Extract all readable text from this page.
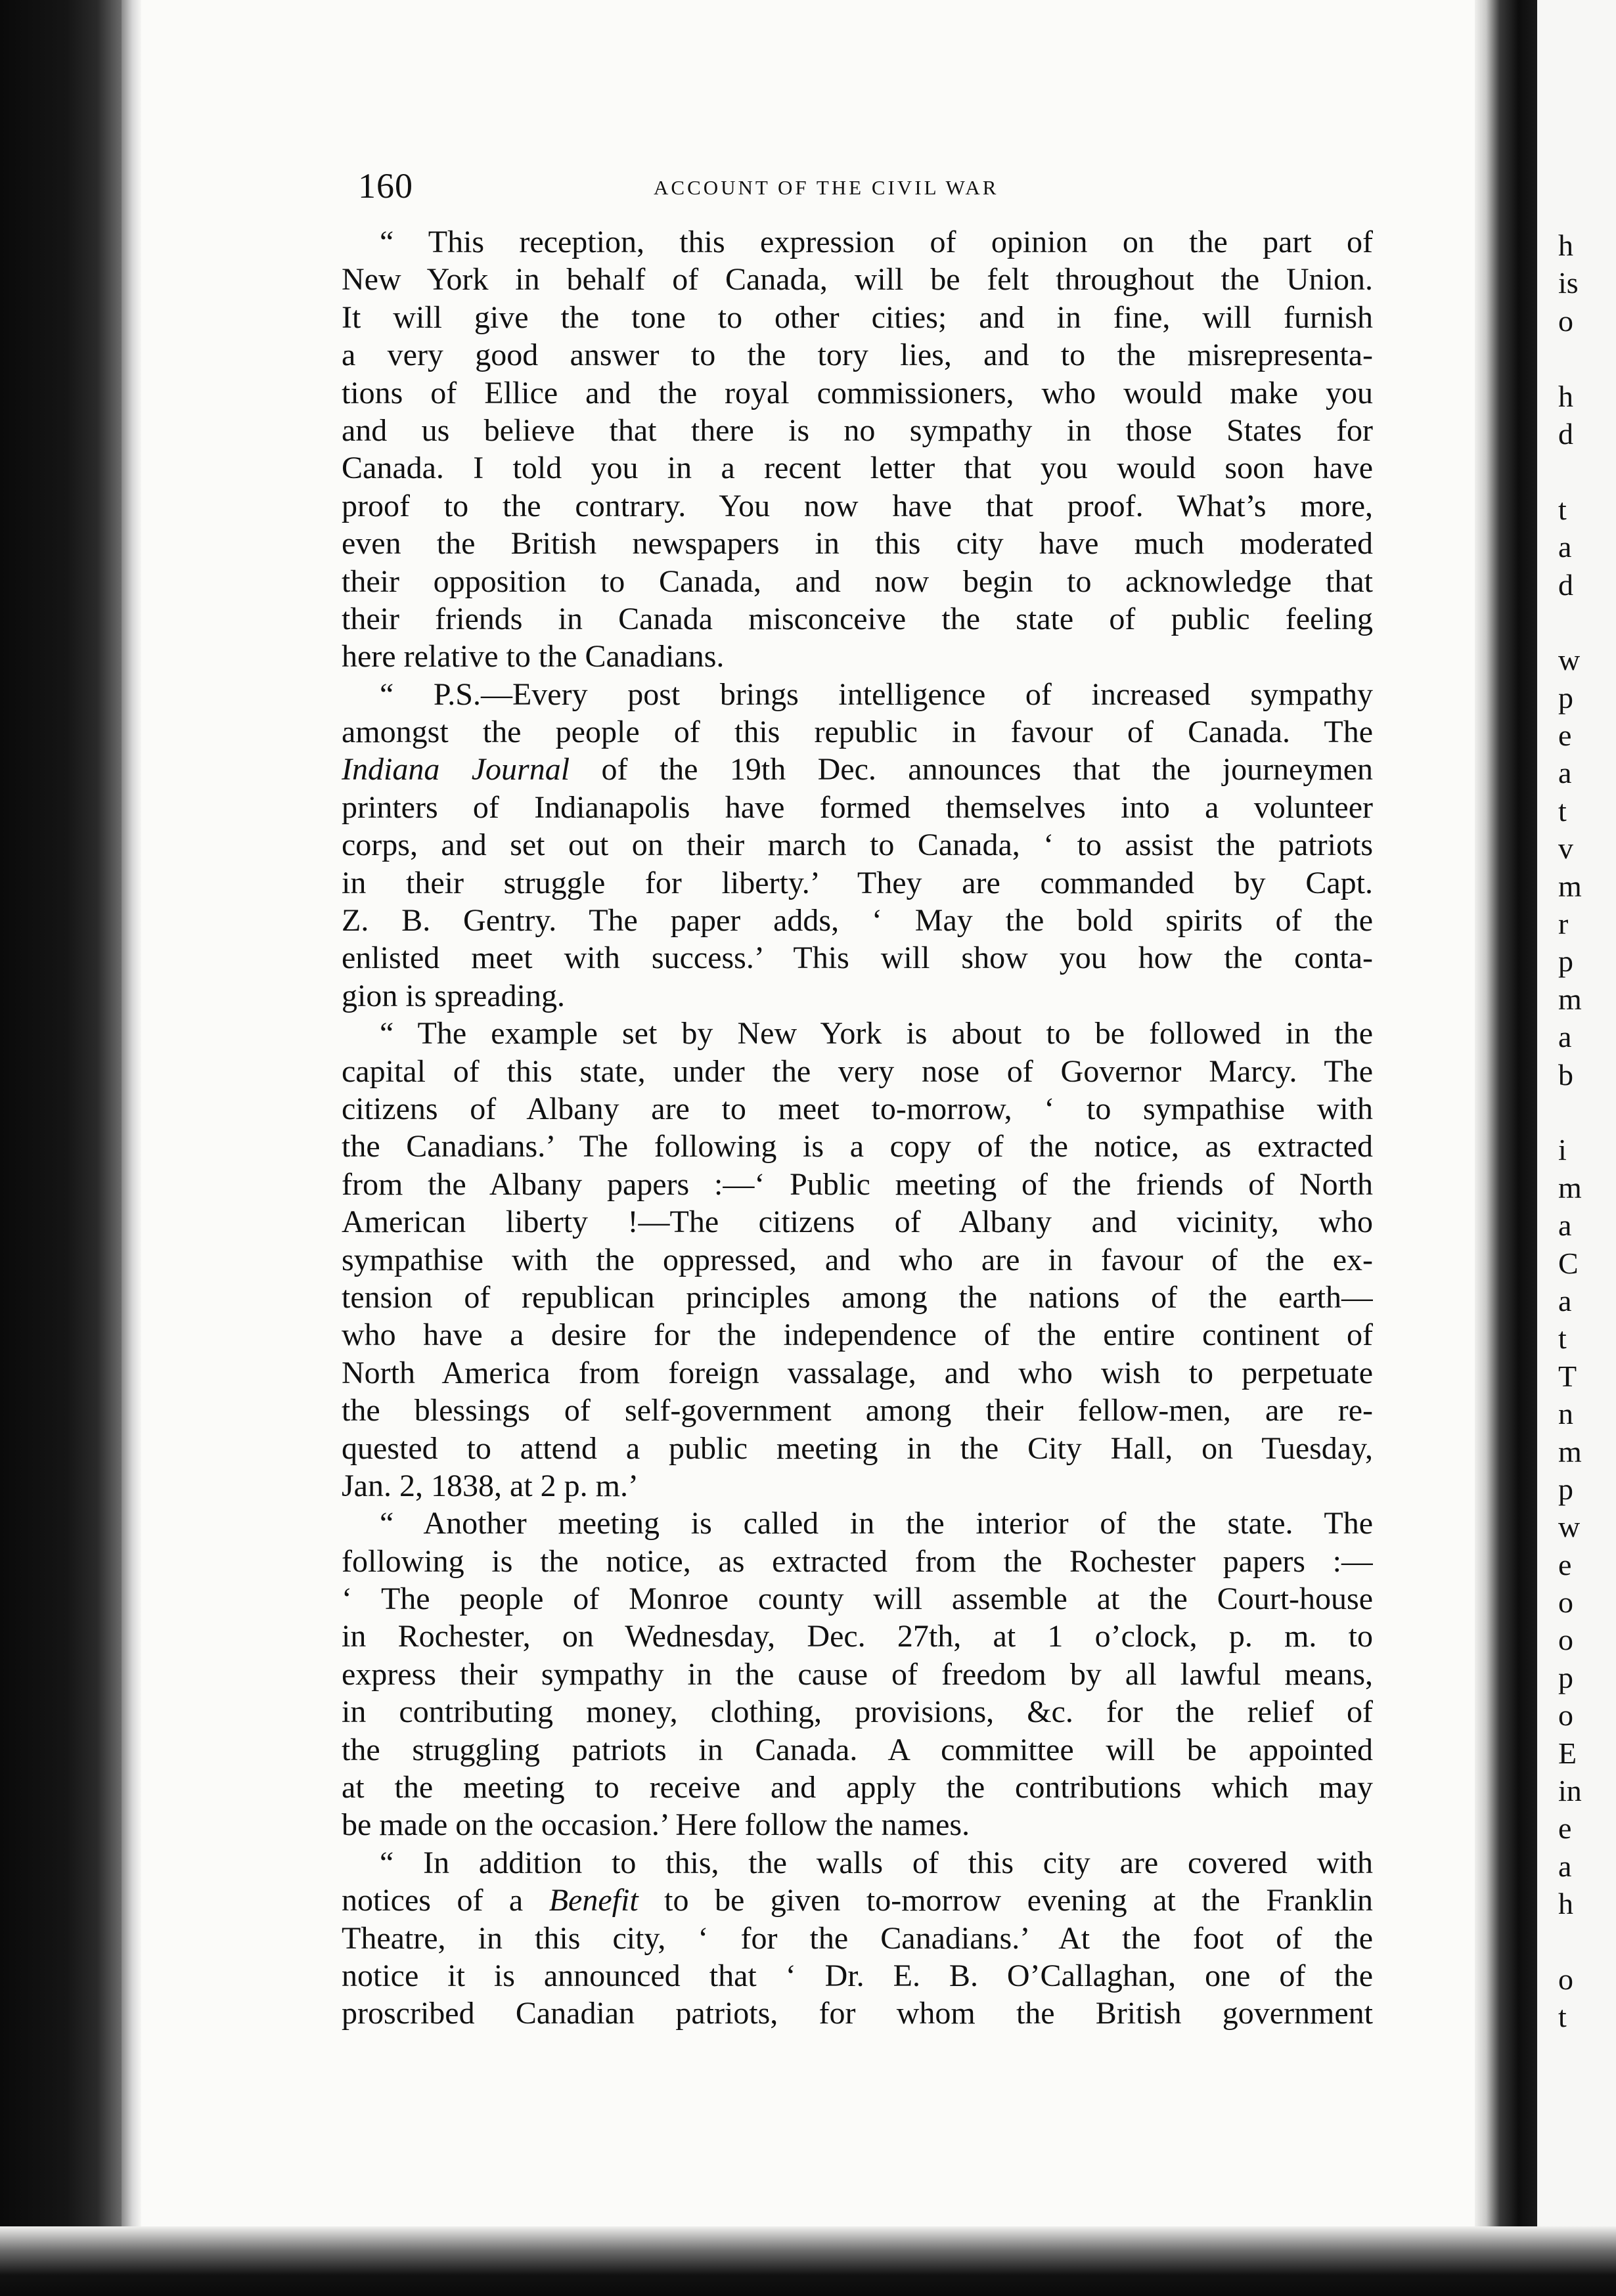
160	ACCOUNT OF THE CIVIL WAR
“ This reception, this expression of opinion on the part of
New York in behalf of Canada, will be felt throughout the Union.
It will give the tone to other cities; and in fine, will furnish
a very good answer to the tory lies, and to the misrepresenta-
tions of Ellice and the royal commissioners, who would make you
and us believe that there is no sympathy in those States for
Canada. I told you in a recent letter that you would soon have
proof to the contrary. You now have that proof. What’s more,
even the British newspapers in this city have much moderated
their opposition to Canada, and now begin to acknowledge that
their friends in Canada misconceive the state of public feeling
here relative to the Canadians.
“ P.S.—Every post brings intelligence of increased sympathy
amongst the people of this republic in favour of Canada. The
Indiana Journal of the 19th Dec. announces that the journeymen
printers of Indianapolis have formed themselves into a volunteer
corps, and set out on their march to Canada, ‘ to assist the patriots
in their struggle for liberty.’ They are commanded by Capt.
Z. B. Gentry. The paper adds, ‘ May the bold spirits of the
enlisted meet with success.’ This will show you how the conta-
gion is spreading.
“ The example set by New York is about to be followed in the
capital of this state, under the very nose of Governor Marcy. The
citizens of Albany are to meet to-morrow, ‘ to sympathise with
the Canadians.’ The following is a copy of the notice, as extracted
from the Albany papers :—‘ Public meeting of the friends of North
American liberty !—The citizens of Albany and vicinity, who
sympathise with the oppressed, and who are in favour of the ex-
tension of republican principles among the nations of the earth—
who have a desire for the independence of the entire continent of
North America from foreign vassalage, and who wish to perpetuate
the blessings of self-government among their fellow-men, are re-
quested to attend a public meeting in the City Hall, on Tuesday,
Jan. 2, 1838, at 2 p. m.’
“ Another meeting is called in the interior of the state. The
following is the notice, as extracted from the Rochester papers :—
‘ The people of Monroe county will assemble at the Court-house
in Rochester, on Wednesday, Dec. 27th, at 1 o’clock, p. m. to
express their sympathy in the cause of freedom by all lawful means,
in contributing money, clothing, provisions, &c. for the relief of
the struggling patriots in Canada. A committee will be appointed
at the meeting to receive and apply the contributions which may
be made on the occasion.’ Here follow the names.
“ In addition to this, the walls of this city are covered with
notices of a Benefit to be given to-morrow evening at the Franklin
Theatre, in this city, ‘ for the Canadians.’ At the foot of the
notice it is announced that ‘ Dr. E. B. O’Callaghan, one of the
proscribed Canadian patriots, for whom the British government
h
is
o
h
d
t
a
d
w
p
e
a
t
v
m
r
p
m
a
b
i
m
a
C
a
t
T
n
m
p
w
e
o
o
p
o
E
in
e
a
h
o
t
